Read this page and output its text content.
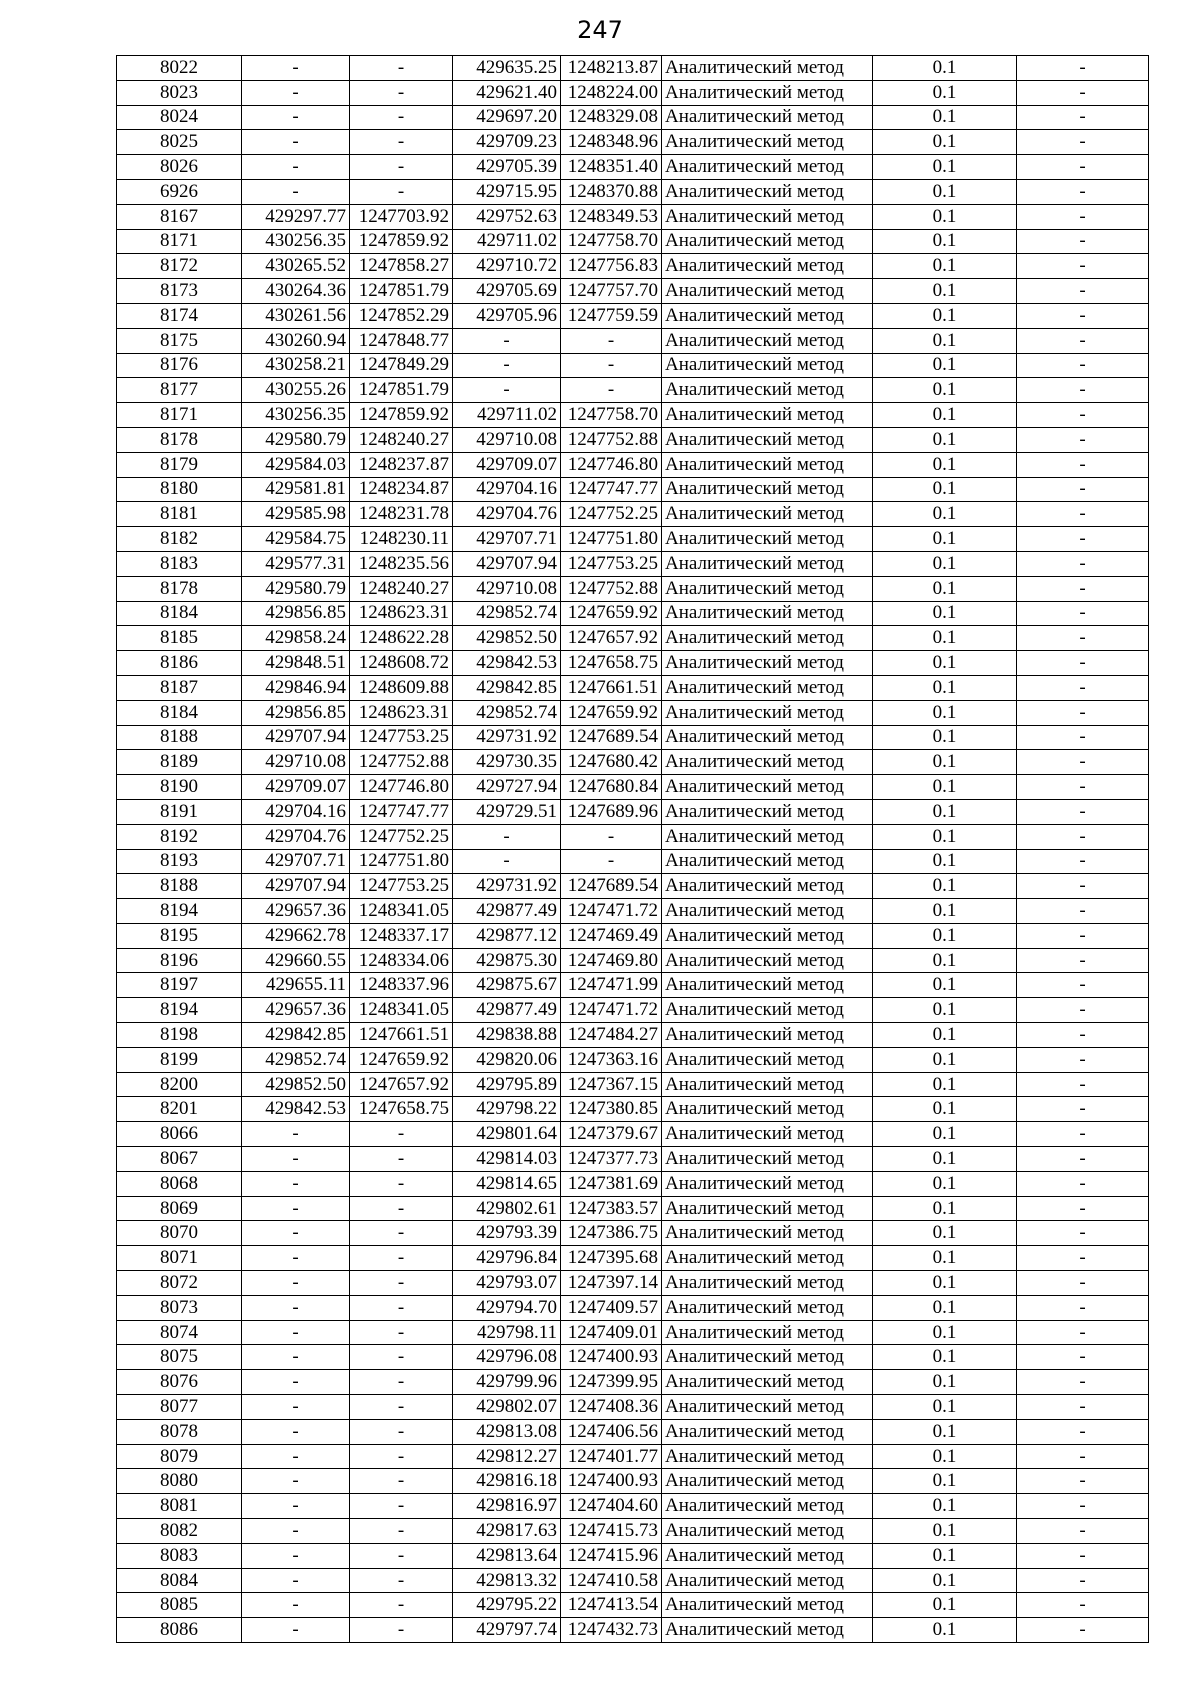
247
8022	-	-	429635.25	1248213.87	Аналитический метод	0.1	-
8023	-	-	429621.40	1248224.00	Аналитический метод	0.1	-
8024	-	-	429697.20	1248329.08	Аналитический метод	0.1	-
8025	-	-	429709.23	1248348.96	Аналитический метод	0.1	-
8026	-	-	429705.39	1248351.40	Аналитический метод	0.1	-
6926	-	-	429715.95	1248370.88	Аналитический метод	0.1	-
8167	429297.77	1247703.92	429752.63	1248349.53	Аналитический метод	0.1	-
8171	430256.35	1247859.92	429711.02	1247758.70	Аналитический метод	0.1	-
8172	430265.52	1247858.27	429710.72	1247756.83	Аналитический метод	0.1	-
8173	430264.36	1247851.79	429705.69	1247757.70	Аналитический метод	0.1	-
8174	430261.56	1247852.29	429705.96	1247759.59	Аналитический метод	0.1	-
8175	430260.94	1247848.77	-	-	Аналитический метод	0.1	-
8176	430258.21	1247849.29	-	-	Аналитический метод	0.1	-
8177	430255.26	1247851.79	-	-	Аналитический метод	0.1	-
8171	430256.35	1247859.92	429711.02	1247758.70	Аналитический метод	0.1	-
8178	429580.79	1248240.27	429710.08	1247752.88	Аналитический метод	0.1	-
8179	429584.03	1248237.87	429709.07	1247746.80	Аналитический метод	0.1	-
8180	429581.81	1248234.87	429704.16	1247747.77	Аналитический метод	0.1	-
8181	429585.98	1248231.78	429704.76	1247752.25	Аналитический метод	0.1	-
8182	429584.75	1248230.11	429707.71	1247751.80	Аналитический метод	0.1	-
8183	429577.31	1248235.56	429707.94	1247753.25	Аналитический метод	0.1	-
8178	429580.79	1248240.27	429710.08	1247752.88	Аналитический метод	0.1	-
8184	429856.85	1248623.31	429852.74	1247659.92	Аналитический метод	0.1	-
8185	429858.24	1248622.28	429852.50	1247657.92	Аналитический метод	0.1	-
8186	429848.51	1248608.72	429842.53	1247658.75	Аналитический метод	0.1	-
8187	429846.94	1248609.88	429842.85	1247661.51	Аналитический метод	0.1	-
8184	429856.85	1248623.31	429852.74	1247659.92	Аналитический метод	0.1	-
8188	429707.94	1247753.25	429731.92	1247689.54	Аналитический метод	0.1	-
8189	429710.08	1247752.88	429730.35	1247680.42	Аналитический метод	0.1	-
8190	429709.07	1247746.80	429727.94	1247680.84	Аналитический метод	0.1	-
8191	429704.16	1247747.77	429729.51	1247689.96	Аналитический метод	0.1	-
8192	429704.76	1247752.25	-	-	Аналитический метод	0.1	-
8193	429707.71	1247751.80	-	-	Аналитический метод	0.1	-
8188	429707.94	1247753.25	429731.92	1247689.54	Аналитический метод	0.1	-
8194	429657.36	1248341.05	429877.49	1247471.72	Аналитический метод	0.1	-
8195	429662.78	1248337.17	429877.12	1247469.49	Аналитический метод	0.1	-
8196	429660.55	1248334.06	429875.30	1247469.80	Аналитический метод	0.1	-
8197	429655.11	1248337.96	429875.67	1247471.99	Аналитический метод	0.1	-
8194	429657.36	1248341.05	429877.49	1247471.72	Аналитический метод	0.1	-
8198	429842.85	1247661.51	429838.88	1247484.27	Аналитический метод	0.1	-
8199	429852.74	1247659.92	429820.06	1247363.16	Аналитический метод	0.1	-
8200	429852.50	1247657.92	429795.89	1247367.15	Аналитический метод	0.1	-
8201	429842.53	1247658.75	429798.22	1247380.85	Аналитический метод	0.1	-
8066	-	-	429801.64	1247379.67	Аналитический метод	0.1	-
8067	-	-	429814.03	1247377.73	Аналитический метод	0.1	-
8068	-	-	429814.65	1247381.69	Аналитический метод	0.1	-
8069	-	-	429802.61	1247383.57	Аналитический метод	0.1	-
8070	-	-	429793.39	1247386.75	Аналитический метод	0.1	-
8071	-	-	429796.84	1247395.68	Аналитический метод	0.1	-
8072	-	-	429793.07	1247397.14	Аналитический метод	0.1	-
8073	-	-	429794.70	1247409.57	Аналитический метод	0.1	-
8074	-	-	429798.11	1247409.01	Аналитический метод	0.1	-
8075	-	-	429796.08	1247400.93	Аналитический метод	0.1	-
8076	-	-	429799.96	1247399.95	Аналитический метод	0.1	-
8077	-	-	429802.07	1247408.36	Аналитический метод	0.1	-
8078	-	-	429813.08	1247406.56	Аналитический метод	0.1	-
8079	-	-	429812.27	1247401.77	Аналитический метод	0.1	-
8080	-	-	429816.18	1247400.93	Аналитический метод	0.1	-
8081	-	-	429816.97	1247404.60	Аналитический метод	0.1	-
8082	-	-	429817.63	1247415.73	Аналитический метод	0.1	-
8083	-	-	429813.64	1247415.96	Аналитический метод	0.1	-
8084	-	-	429813.32	1247410.58	Аналитический метод	0.1	-
8085	-	-	429795.22	1247413.54	Аналитический метод	0.1	-
8086	-	-	429797.74	1247432.73	Аналитический метод	0.1	-
